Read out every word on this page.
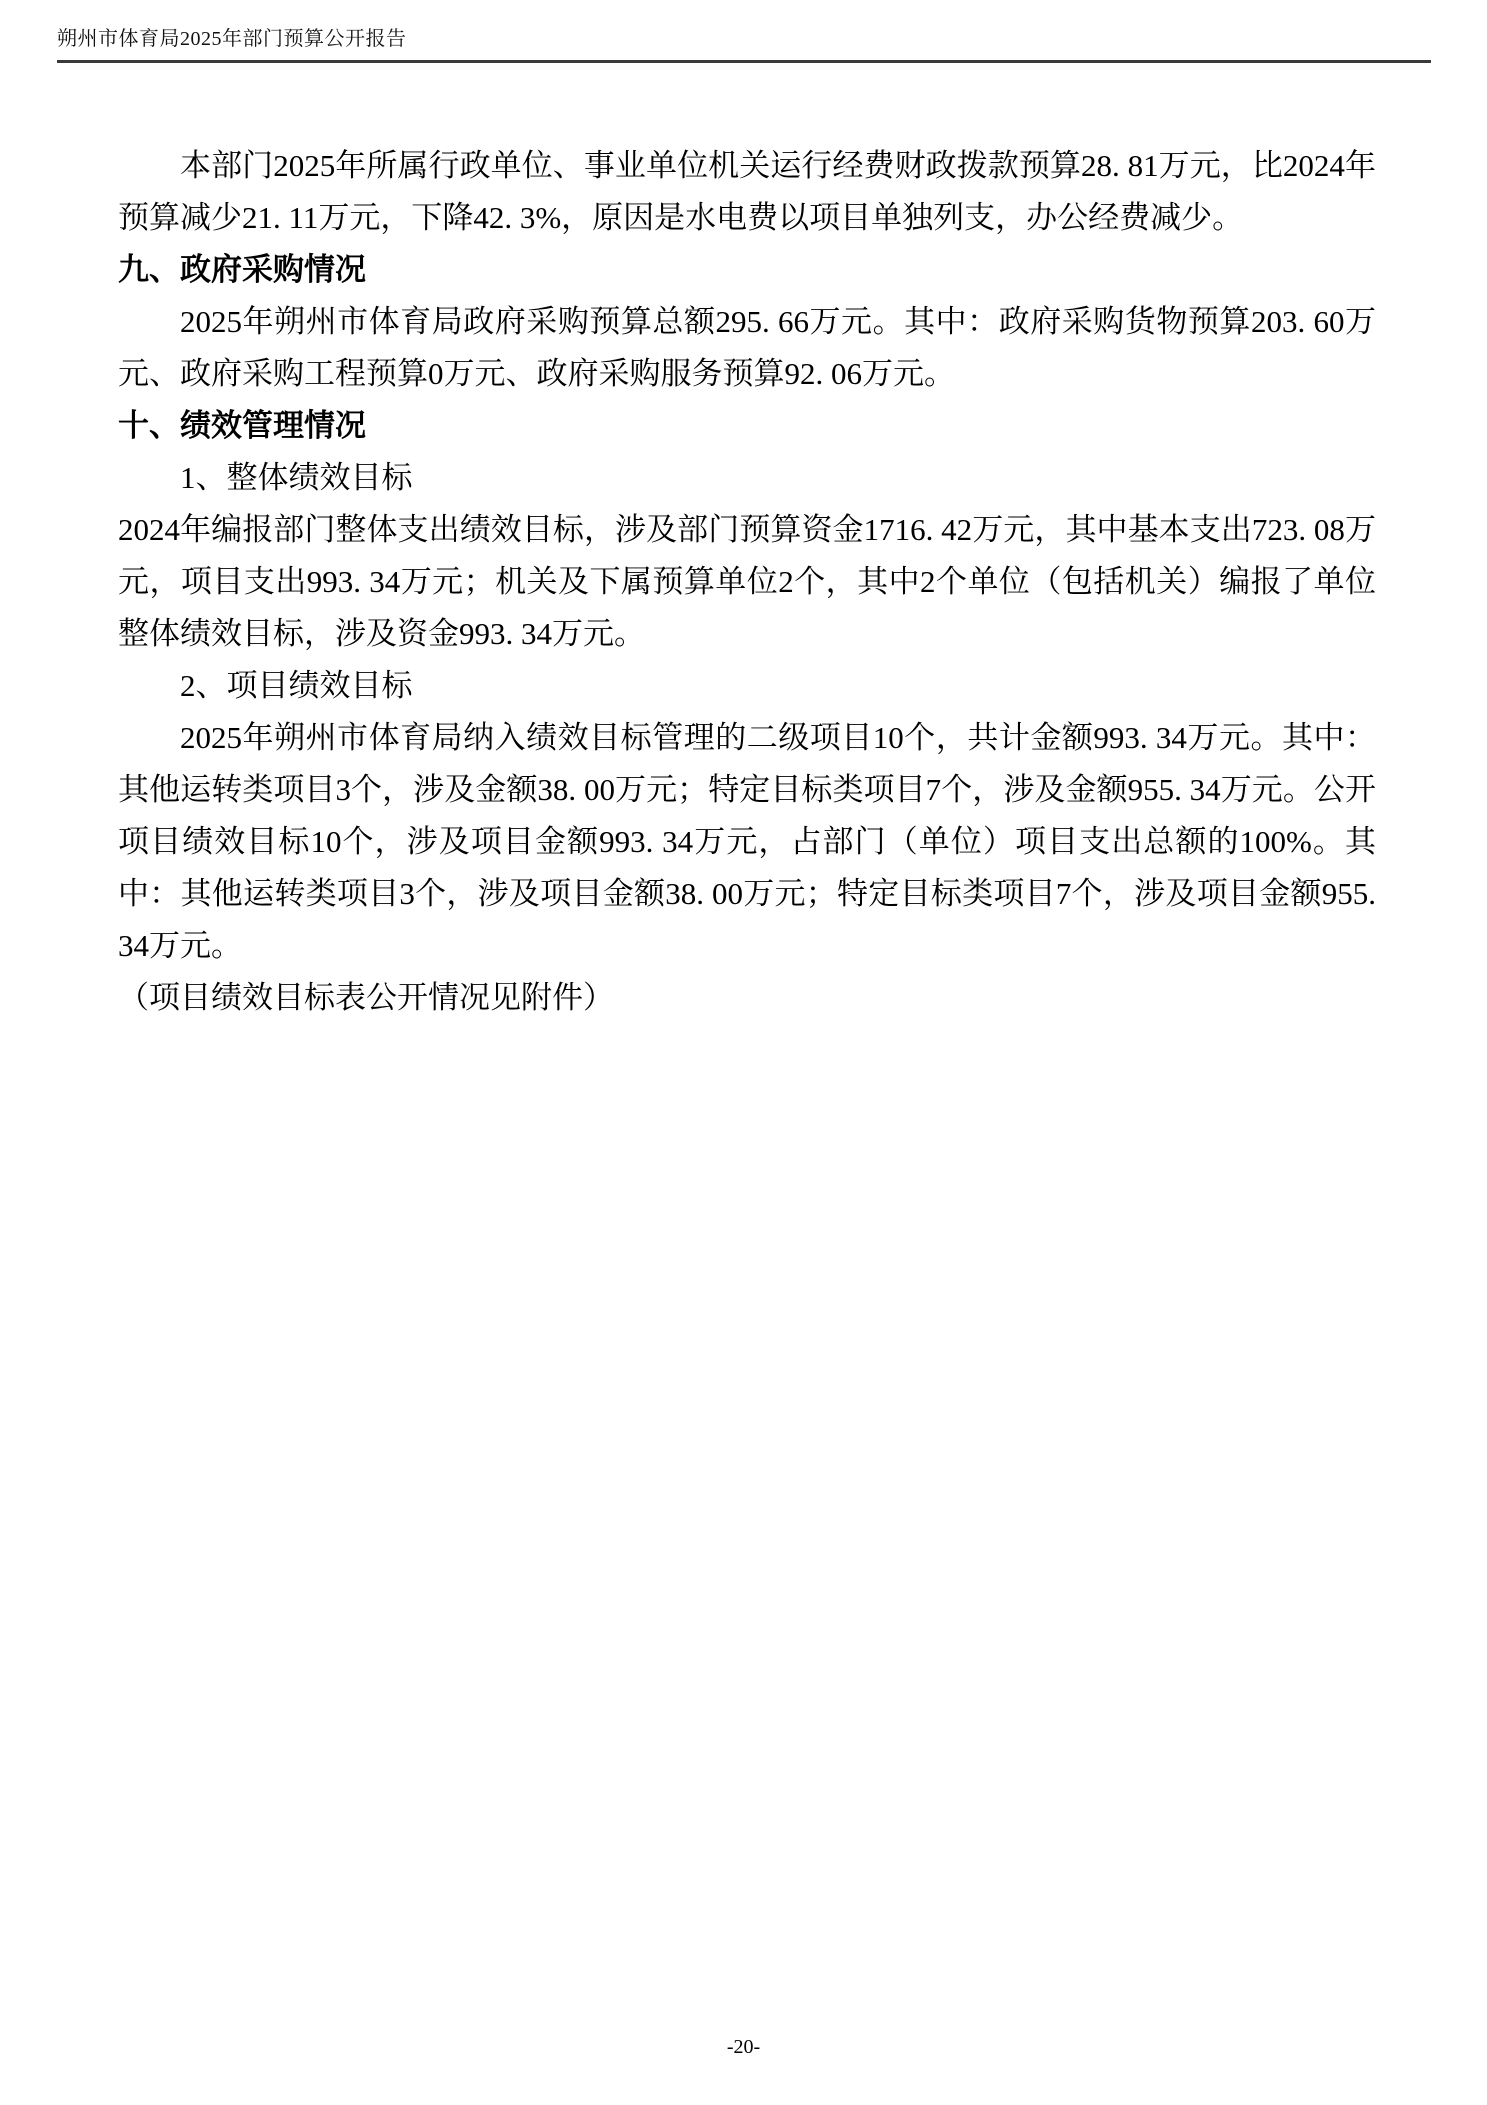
朔州市体育局2025年部门预算公开报告

本部门2025年所属行政单位、事业单位机关运行经费财政拨款预算28. 81万元，比2024年预算减少21. 11万元，下降42. 3%，原因是水电费以项目单独列支，办公经费减少。

九、政府采购情况

2025年朔州市体育局政府采购预算总额295. 66万元。其中：政府采购货物预算203. 60万元、政府采购工程预算0万元、政府采购服务预算92. 06万元。

十、绩效管理情况

1、整体绩效目标

2024年编报部门整体支出绩效目标，涉及部门预算资金1716. 42万元，其中基本支出723. 08万元，项目支出993. 34万元；机关及下属预算单位2个，其中2个单位（包括机关）编报了单位整体绩效目标，涉及资金993. 34万元。

2、项目绩效目标

2025年朔州市体育局纳入绩效目标管理的二级项目10个，共计金额993. 34万元。其中：其他运转类项目3个，涉及金额38. 00万元；特定目标类项目7个，涉及金额955. 34万元。公开项目绩效目标10个，涉及项目金额993. 34万元，占部门（单位）项目支出总额的100%。其中：其他运转类项目3个，涉及项目金额38. 00万元；特定目标类项目7个，涉及项目金额955. 34万元。

（项目绩效目标表公开情况见附件）

-20-
